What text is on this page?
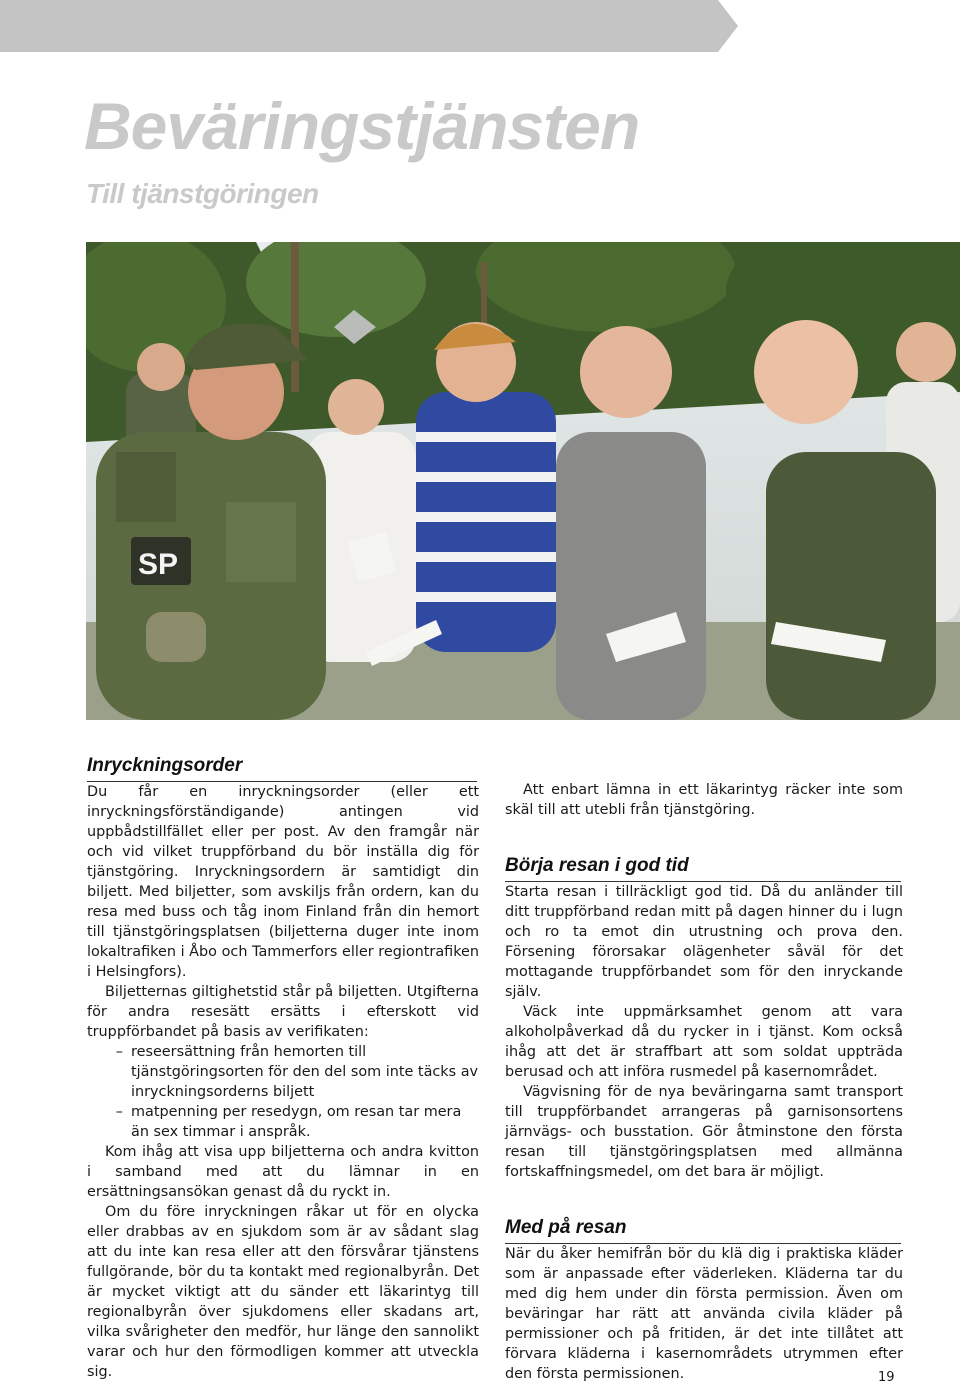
Beväringstjänsten
Till tjänstgöringen
SP
Inryckningsorder

Du får en inryckningsorder (eller ett inryckningsförständigande) antingen vid uppbådstillfället eller per post. Av den framgår när och vid vilket truppförband du bör inställa dig för tjänstgöring. Inryckningsordern är samtidigt din biljett. Med biljetter, som avskiljs från ordern, kan du resa med buss och tåg inom Finland från din hemort till tjänstgöringsplatsen (biljetterna duger inte inom lokaltrafiken i Åbo och Tammerfors eller regiontrafiken i Helsingfors).

Biljetternas giltighetstid står på biljetten. Utgifterna för andra resesätt ersätts i efterskott vid truppförbandet på basis av verifikaten:

– reseersättning från hemorten till tjänstgöringsorten för den del som inte täcks av inryckningsorderns biljett
– matpenning per resedygn, om resan tar mera än sex timmar i anspråk.

Kom ihåg att visa upp biljetterna och andra kvitton i samband med att du lämnar in en ersättningsansökan genast då du ryckt in.

Om du före inryckningen råkar ut för en olycka eller drabbas av en sjukdom som är av sådant slag att du inte kan resa eller att den försvårar tjänstens fullgörande, bör du ta kontakt med regionalbyrån. Det är mycket viktigt att du sänder ett läkarintyg till regionalbyrån över sjukdomens eller skadans art, vilka svårigheter den medför, hur länge den sannolikt varar och hur den förmodligen kommer att utveckla sig.

Att enbart lämna in ett läkarintyg räcker inte som skäl till att utebli från tjänstgöring.

Börja resan i god tid

Starta resan i tillräckligt god tid. Då du anländer till ditt truppförband redan mitt på dagen hinner du i lugn och ro ta emot din utrustning och prova den. Försening förorsakar olägenheter såväl för det mottagande truppförbandet som för den inryckande själv.

Väck inte uppmärksamhet genom att vara alkoholpåverkad då du rycker in i tjänst. Kom också ihåg att det är straffbart att som soldat uppträda berusad och att införa rusmedel på kasernområdet.

Vägvisning för de nya beväringarna samt transport till truppförbandet arrangeras på garnisonsortens järnvägs- och busstation. Gör åtminstone den första resan till tjänstgöringsplatsen med allmänna fortskaffningsmedel, om det bara är möjligt.

Med på resan

När du åker hemifrån bör du klä dig i praktiska kläder som är anpassade efter väderleken. Kläderna tar du med dig hem under din första permission. Även om beväringar har rätt att använda civila kläder på permissioner och på fritiden, är det inte tillåtet att förvara kläderna i kasernområdets utrymmen efter den första permissionen.	19
